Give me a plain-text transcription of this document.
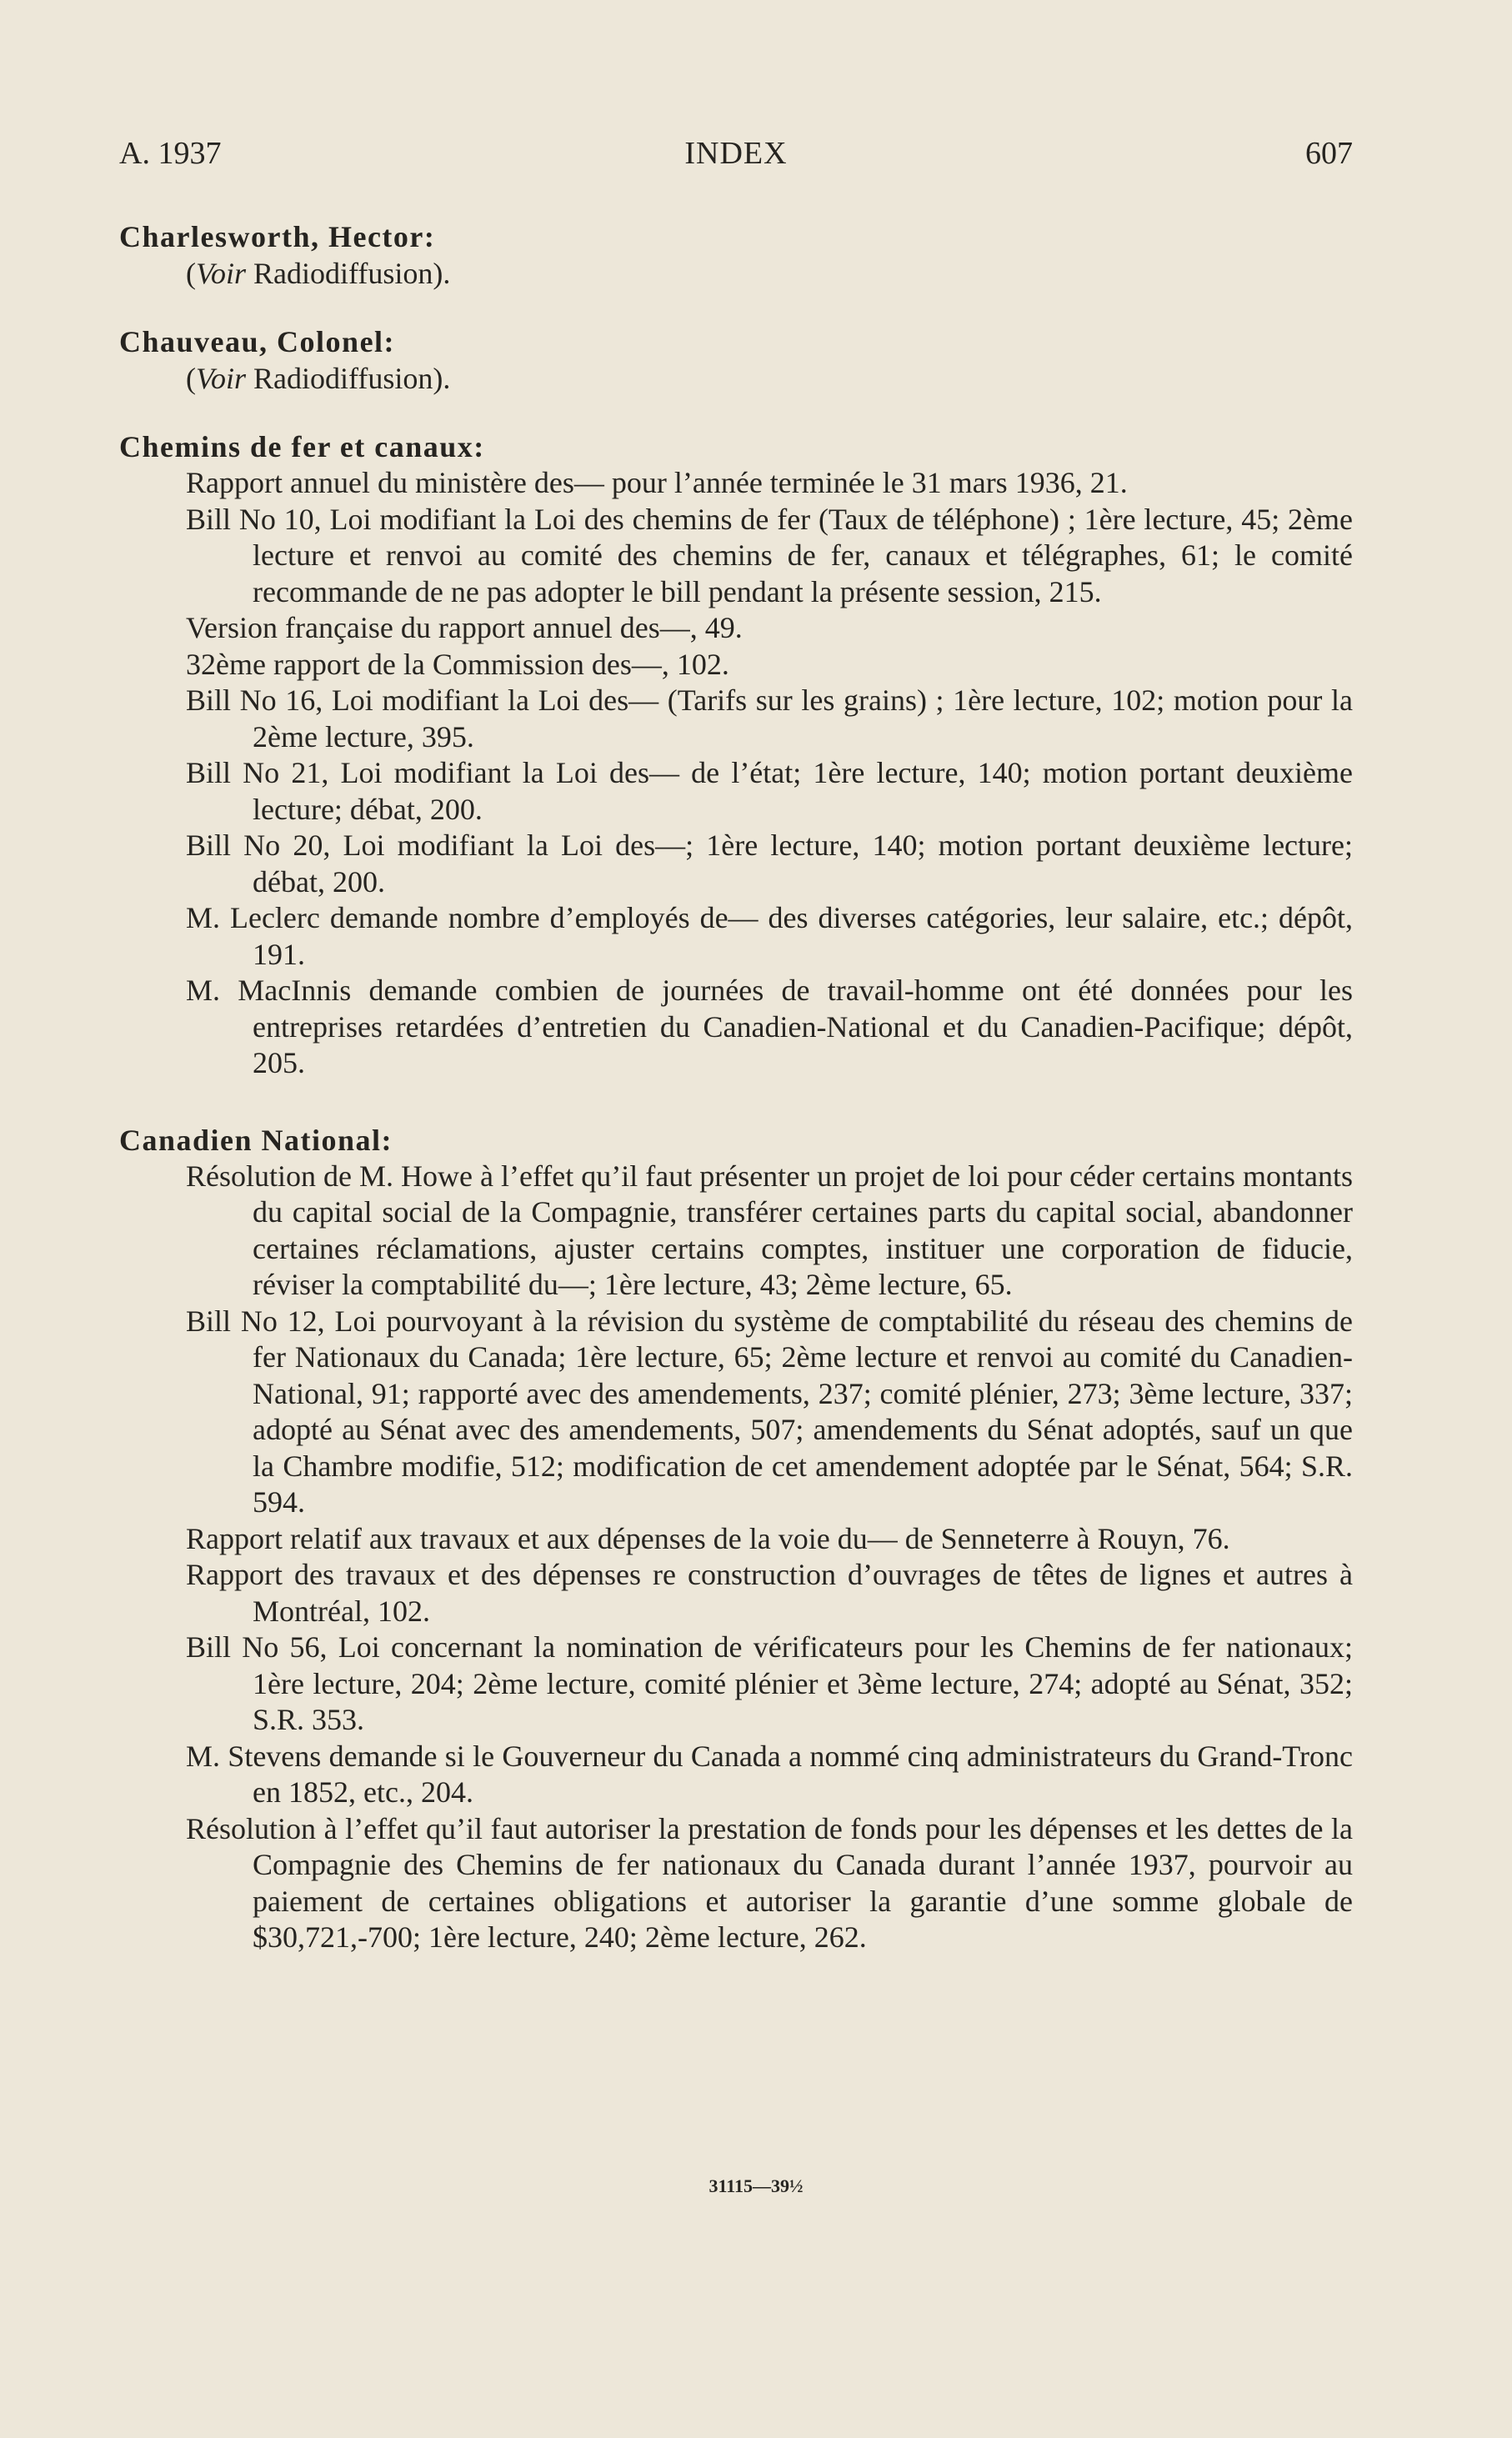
A. 1937	INDEX	607

Charlesworth, Hector:

(Voir Radiodiffusion).

Chauveau, Colonel:

(Voir Radiodiffusion).

Chemins de fer et canaux:

Rapport annuel du ministère des— pour l’année terminée le 31 mars 1936, 21.

Bill No 10, Loi modifiant la Loi des chemins de fer (Taux de téléphone) ; 1ère lecture, 45; 2ème lecture et renvoi au comité des chemins de fer, canaux et télégraphes, 61; le comité recommande de ne pas adopter le bill pendant la présente session, 215.

Version française du rapport annuel des—, 49.

32ème rapport de la Commission des—, 102.

Bill No 16, Loi modifiant la Loi des— (Tarifs sur les grains) ; 1ère lecture, 102; motion pour la 2ème lecture, 395.

Bill No 21, Loi modifiant la Loi des— de l’état; 1ère lecture, 140; motion portant deuxième lecture; débat, 200.

Bill No 20, Loi modifiant la Loi des—; 1ère lecture, 140; motion portant deuxième lecture; débat, 200.

M. Leclerc demande nombre d’employés de— des diverses catégories, leur salaire, etc.; dépôt, 191.

M. MacInnis demande combien de journées de travail-homme ont été données pour les entreprises retardées d’entretien du Canadien-National et du Canadien-Pacifique; dépôt, 205.

Canadien National:

Résolution de M. Howe à l’effet qu’il faut présenter un projet de loi pour céder certains montants du capital social de la Compagnie, transférer certaines parts du capital social, abandonner certaines réclamations, ajuster certains comptes, instituer une corporation de fiducie, réviser la comptabilité du—; 1ère lecture, 43; 2ème lecture, 65.

Bill No 12, Loi pourvoyant à la révision du système de comptabilité du réseau des chemins de fer Nationaux du Canada; 1ère lecture, 65; 2ème lecture et renvoi au comité du Canadien-National, 91; rapporté avec des amendements, 237; comité plénier, 273; 3ème lecture, 337; adopté au Sénat avec des amendements, 507; amendements du Sénat adoptés, sauf un que la Chambre modifie, 512; modification de cet amendement adoptée par le Sénat, 564; S.R. 594.

Rapport relatif aux travaux et aux dépenses de la voie du— de Senneterre à Rouyn, 76.

Rapport des travaux et des dépenses re construction d’ouvrages de têtes de lignes et autres à Montréal, 102.

Bill No 56, Loi concernant la nomination de vérificateurs pour les Chemins de fer nationaux; 1ère lecture, 204; 2ème lecture, comité plénier et 3ème lecture, 274; adopté au Sénat, 352; S.R. 353.

M. Stevens demande si le Gouverneur du Canada a nommé cinq administrateurs du Grand-Tronc en 1852, etc., 204.

Résolution à l’effet qu’il faut autoriser la prestation de fonds pour les dépenses et les dettes de la Compagnie des Chemins de fer nationaux du Canada durant l’année 1937, pourvoir au paiement de certaines obligations et autoriser la garantie d’une somme globale de $30,721,-700; 1ère lecture, 240; 2ème lecture, 262.

31115—39½
